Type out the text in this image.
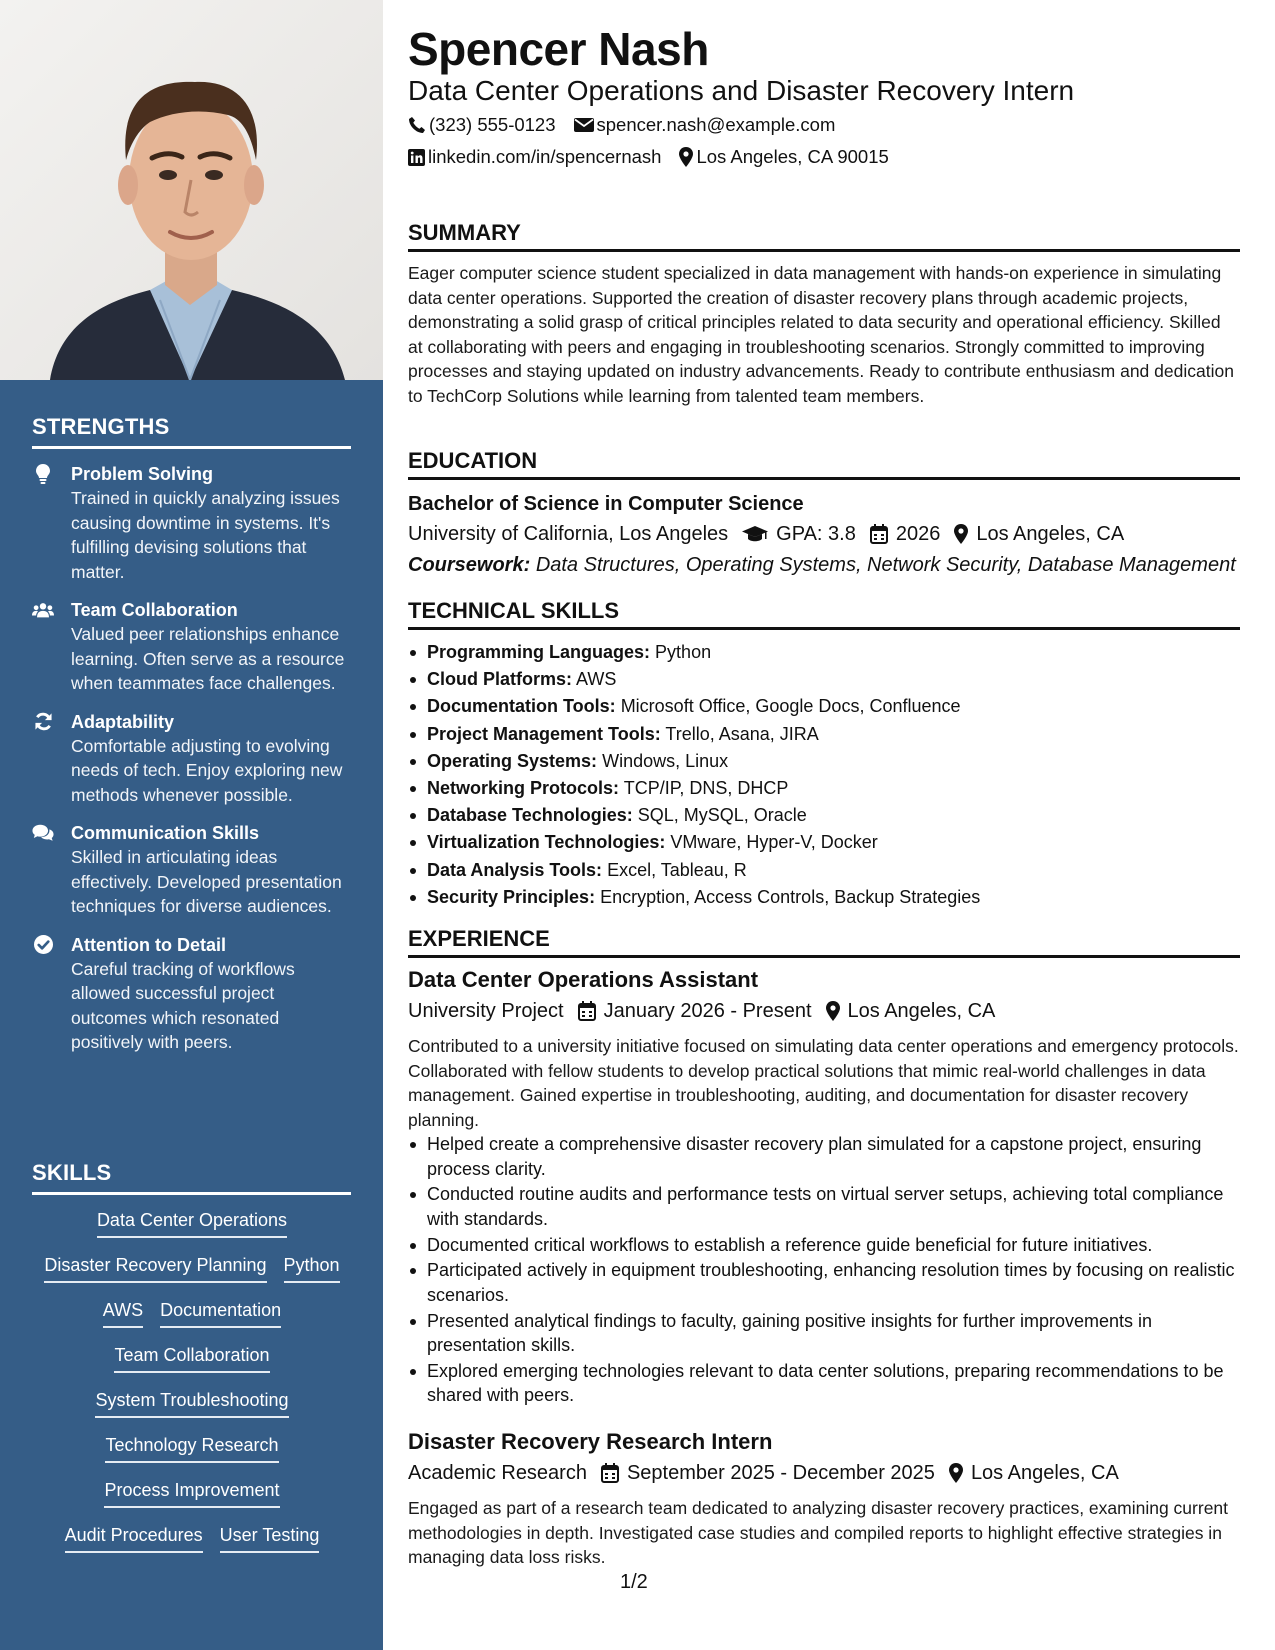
STRENGTHS
Problem Solving
Trained in quickly analyzing issues causing downtime in systems. It's fulfilling devising solutions that matter.
Team Collaboration
Valued peer relationships enhance learning. Often serve as a resource when teammates face challenges.
Adaptability
Comfortable adjusting to evolving needs of tech. Enjoy exploring new methods whenever possible.
Communication Skills
Skilled in articulating ideas effectively. Developed presentation techniques for diverse audiences.
Attention to Detail
Careful tracking of workflows allowed successful project outcomes which resonated positively with peers.
SKILLS
Data Center Operations
Disaster Recovery Planning Python
AWS Documentation
Team Collaboration
System Troubleshooting
Technology Research
Process Improvement
Audit Procedures User Testing
Spencer Nash
Data Center Operations and Disaster Recovery Intern
(323) 555-0123 spencer.nash@example.com
linkedin.com/in/spencernash Los Angeles, CA 90015
SUMMARY
Eager computer science student specialized in data management with hands-on experience in simulating data center operations. Supported the creation of disaster recovery plans through academic projects, demonstrating a solid grasp of critical principles related to data security and operational efficiency. Skilled at collaborating with peers and engaging in troubleshooting scenarios. Strongly committed to improving processes and staying updated on industry advancements. Ready to contribute enthusiasm and dedication to TechCorp Solutions while learning from talented team members.
EDUCATION
Bachelor of Science in Computer Science
University of California, Los Angeles GPA: 3.8 2026 Los Angeles, CA
Coursework: Data Structures, Operating Systems, Network Security, Database Management
TECHNICAL SKILLS
Programming Languages: Python
Cloud Platforms: AWS
Documentation Tools: Microsoft Office, Google Docs, Confluence
Project Management Tools: Trello, Asana, JIRA
Operating Systems: Windows, Linux
Networking Protocols: TCP/IP, DNS, DHCP
Database Technologies: SQL, MySQL, Oracle
Virtualization Technologies: VMware, Hyper-V, Docker
Data Analysis Tools: Excel, Tableau, R
Security Principles: Encryption, Access Controls, Backup Strategies
EXPERIENCE
Data Center Operations Assistant
University Project January 2026 - Present Los Angeles, CA
Contributed to a university initiative focused on simulating data center operations and emergency protocols. Collaborated with fellow students to develop practical solutions that mimic real-world challenges in data management. Gained expertise in troubleshooting, auditing, and documentation for disaster recovery planning.
Helped create a comprehensive disaster recovery plan simulated for a capstone project, ensuring process clarity.
Conducted routine audits and performance tests on virtual server setups, achieving total compliance with standards.
Documented critical workflows to establish a reference guide beneficial for future initiatives.
Participated actively in equipment troubleshooting, enhancing resolution times by focusing on realistic scenarios.
Presented analytical findings to faculty, gaining positive insights for further improvements in presentation skills.
Explored emerging technologies relevant to data center solutions, preparing recommendations to be shared with peers.
Disaster Recovery Research Intern
Academic Research September 2025 - December 2025 Los Angeles, CA
Engaged as part of a research team dedicated to analyzing disaster recovery practices, examining current methodologies in depth. Investigated case studies and compiled reports to highlight effective strategies in managing data loss risks.
1/2
